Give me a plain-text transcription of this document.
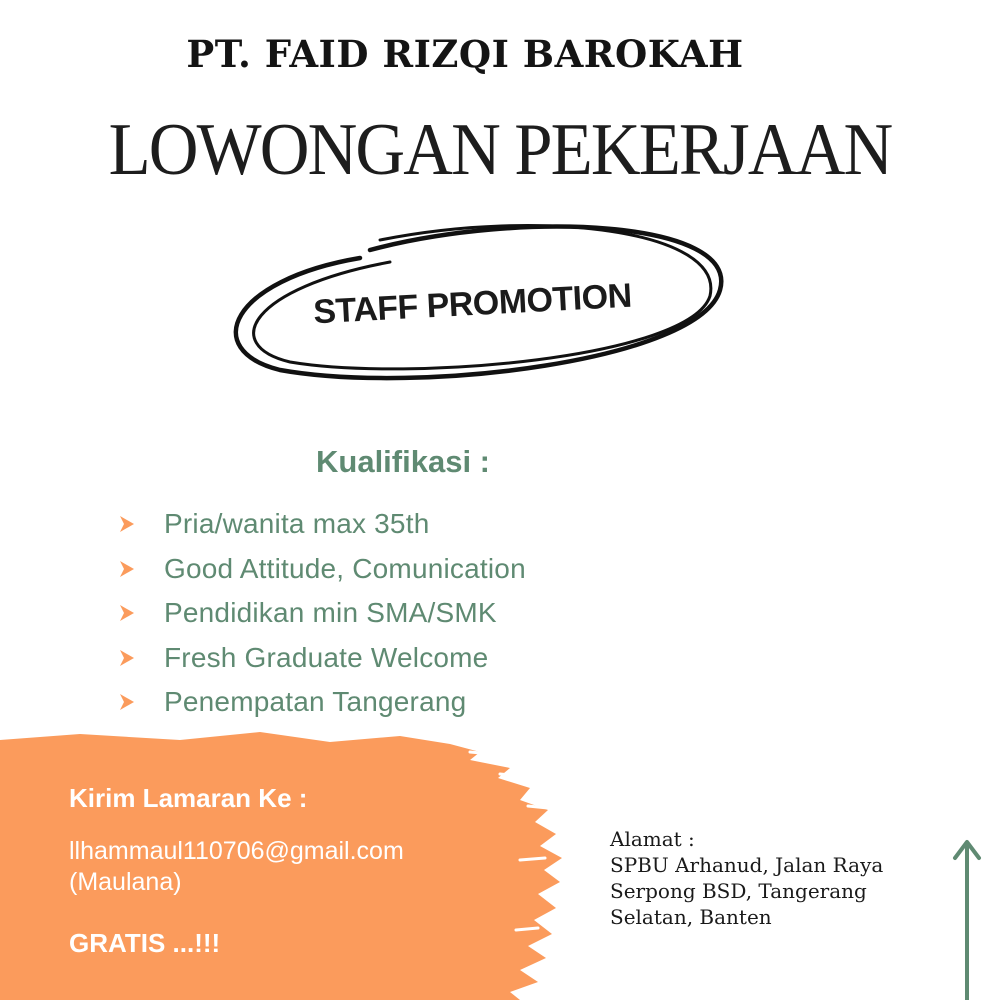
PT. FAID RIZQI BAROKAH
LOWONGAN PEKERJAAN
STAFF PROMOTION
Kualifikasi :
Pria/wanita max 35th
Good Attitude, Comunication
Pendidikan min SMA/SMK
Fresh Graduate Welcome
Penempatan Tangerang
Kirim Lamaran Ke :
llhammaul110706@gmail.com
(Maulana)
GRATIS ...!!!
Alamat :
SPBU Arhanud, Jalan Raya
Serpong BSD, Tangerang
Selatan, Banten
